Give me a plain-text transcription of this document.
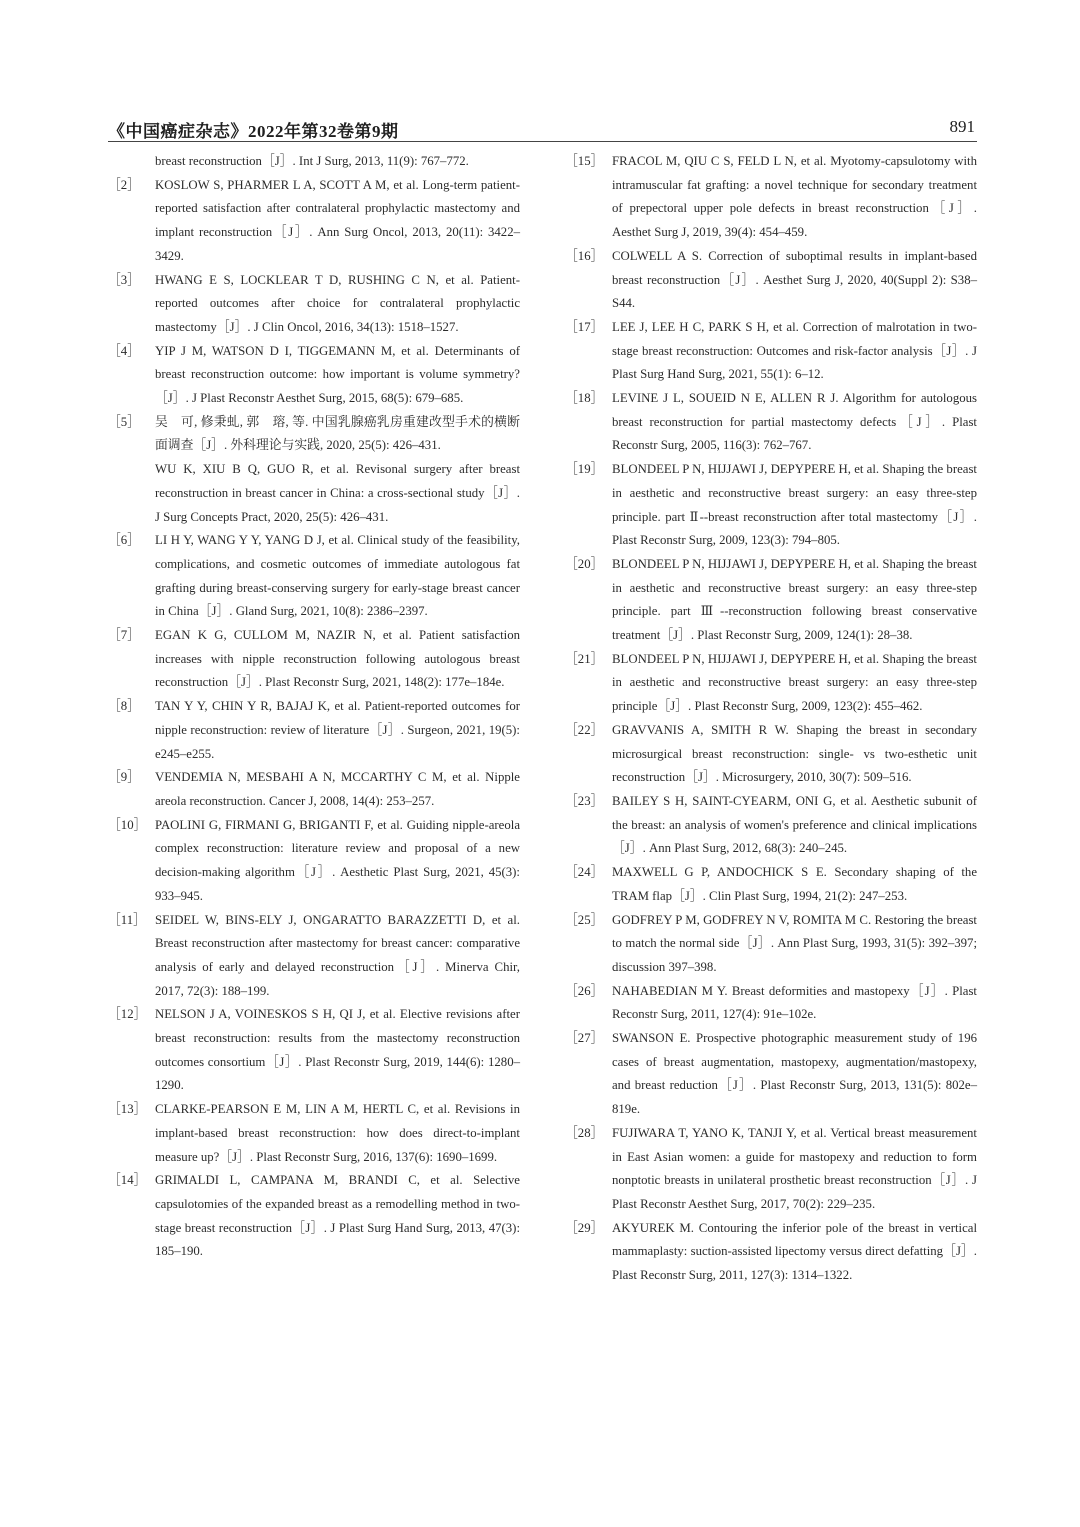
《中国癌症杂志》2022年第32卷第9期	891
breast reconstruction［J］. Int J Surg, 2013, 11(9): 767–772.
［2］ KOSLOW S, PHARMER L A, SCOTT A M, et al. Long-term patient-reported satisfaction after contralateral prophylactic mastectomy and implant reconstruction［J］. Ann Surg Oncol, 2013, 20(11): 3422–3429.
［3］ HWANG E S, LOCKLEAR T D, RUSHING C N, et al. Patient-reported outcomes after choice for contralateral prophylactic mastectomy［J］. J Clin Oncol, 2016, 34(13): 1518–1527.
［4］ YIP J M, WATSON D I, TIGGEMANN M, et al. Determinants of breast reconstruction outcome: how important is volume symmetry?［J］. J Plast Reconstr Aesthet Surg, 2015, 68(5): 679–685.
［5］ 吴　可, 修秉虬, 郭　瑢, 等. 中国乳腺癌乳房重建改型手术的横断面调查［J］. 外科理论与实践, 2020, 25(5): 426–431.
WU K, XIU B Q, GUO R, et al. Revisonal surgery after breast reconstruction in breast cancer in China: a cross-sectional study［J］. J Surg Concepts Pract, 2020, 25(5): 426–431.
［6］ LI H Y, WANG Y Y, YANG D J, et al. Clinical study of the feasibility, complications, and cosmetic outcomes of immediate autologous fat grafting during breast-conserving surgery for early-stage breast cancer in China［J］. Gland Surg, 2021, 10(8): 2386–2397.
［7］ EGAN K G, CULLOM M, NAZIR N, et al. Patient satisfaction increases with nipple reconstruction following autologous breast reconstruction［J］. Plast Reconstr Surg, 2021, 148(2): 177e–184e.
［8］ TAN Y Y, CHIN Y R, BAJAJ K, et al. Patient-reported outcomes for nipple reconstruction: review of literature［J］. Surgeon, 2021, 19(5): e245–e255.
［9］ VENDEMIA N, MESBAHI A N, MCCARTHY C M, et al. Nipple areola reconstruction. Cancer J, 2008, 14(4): 253–257.
［10］ PAOLINI G, FIRMANI G, BRIGANTI F, et al. Guiding nipple-areola complex reconstruction: literature review and proposal of a new decision-making algorithm［J］. Aesthetic Plast Surg, 2021, 45(3): 933–945.
［11］ SEIDEL W, BINS-ELY J, ONGARATTO BARAZZETTI D, et al. Breast reconstruction after mastectomy for breast cancer: comparative analysis of early and delayed reconstruction［J］. Minerva Chir, 2017, 72(3): 188–199.
［12］ NELSON J A, VOINESKOS S H, QI J, et al. Elective revisions after breast reconstruction: results from the mastectomy reconstruction outcomes consortium［J］. Plast Reconstr Surg, 2019, 144(6): 1280–1290.
［13］ CLARKE-PEARSON E M, LIN A M, HERTL C, et al. Revisions in implant-based breast reconstruction: how does direct-to-implant measure up?［J］. Plast Reconstr Surg, 2016, 137(6): 1690–1699.
［14］ GRIMALDI L, CAMPANA M, BRANDI C, et al. Selective capsulotomies of the expanded breast as a remodelling method in two-stage breast reconstruction［J］. J Plast Surg Hand Surg, 2013, 47(3): 185–190.
［15］ FRACOL M, QIU C S, FELD L N, et al. Myotomy-capsulotomy with intramuscular fat grafting: a novel technique for secondary treatment of prepectoral upper pole defects in breast reconstruction［J］. Aesthet Surg J, 2019, 39(4): 454–459.
［16］ COLWELL A S. Correction of suboptimal results in implant-based breast reconstruction［J］. Aesthet Surg J, 2020, 40(Suppl 2): S38–S44.
［17］ LEE J, LEE H C, PARK S H, et al. Correction of malrotation in two-stage breast reconstruction: Outcomes and risk-factor analysis［J］. J Plast Surg Hand Surg, 2021, 55(1): 6–12.
［18］ LEVINE J L, SOUEID N E, ALLEN R J. Algorithm for autologous breast reconstruction for partial mastectomy defects［J］. Plast Reconstr Surg, 2005, 116(3): 762–767.
［19］ BLONDEEL P N, HIJJAWI J, DEPYPERE H, et al. Shaping the breast in aesthetic and reconstructive breast surgery: an easy three-step principle. part Ⅱ--breast reconstruction after total mastectomy［J］. Plast Reconstr Surg, 2009, 123(3): 794–805.
［20］ BLONDEEL P N, HIJJAWI J, DEPYPERE H, et al. Shaping the breast in aesthetic and reconstructive breast surgery: an easy three-step principle. part Ⅲ--reconstruction following breast conservative treatment［J］. Plast Reconstr Surg, 2009, 124(1): 28–38.
［21］ BLONDEEL P N, HIJJAWI J, DEPYPERE H, et al. Shaping the breast in aesthetic and reconstructive breast surgery: an easy three-step principle［J］. Plast Reconstr Surg, 2009, 123(2): 455–462.
［22］ GRAVVANIS A, SMITH R W. Shaping the breast in secondary microsurgical breast reconstruction: single- vs two-esthetic unit reconstruction［J］. Microsurgery, 2010, 30(7): 509–516.
［23］ BAILEY S H, SAINT-CYEARM, ONI G, et al. Aesthetic subunit of the breast: an analysis of women's preference and clinical implications［J］. Ann Plast Surg, 2012, 68(3): 240–245.
［24］ MAXWELL G P, ANDOCHICK S E. Secondary shaping of the TRAM flap［J］. Clin Plast Surg, 1994, 21(2): 247–253.
［25］ GODFREY P M, GODFREY N V, ROMITA M C. Restoring the breast to match the normal side［J］. Ann Plast Surg, 1993, 31(5): 392–397; discussion 397–398.
［26］ NAHABEDIAN M Y. Breast deformities and mastopexy［J］. Plast Reconstr Surg, 2011, 127(4): 91e–102e.
［27］ SWANSON E. Prospective photographic measurement study of 196 cases of breast augmentation, mastopexy, augmentation/mastopexy, and breast reduction［J］. Plast Reconstr Surg, 2013, 131(5): 802e–819e.
［28］ FUJIWARA T, YANO K, TANJI Y, et al. Vertical breast measurement in East Asian women: a guide for mastopexy and reduction to form nonptotic breasts in unilateral prosthetic breast reconstruction［J］. J Plast Reconstr Aesthet Surg, 2017, 70(2): 229–235.
［29］ AKYUREK M. Contouring the inferior pole of the breast in vertical mammaplasty: suction-assisted lipectomy versus direct defatting［J］. Plast Reconstr Surg, 2011, 127(3): 1314–1322.
